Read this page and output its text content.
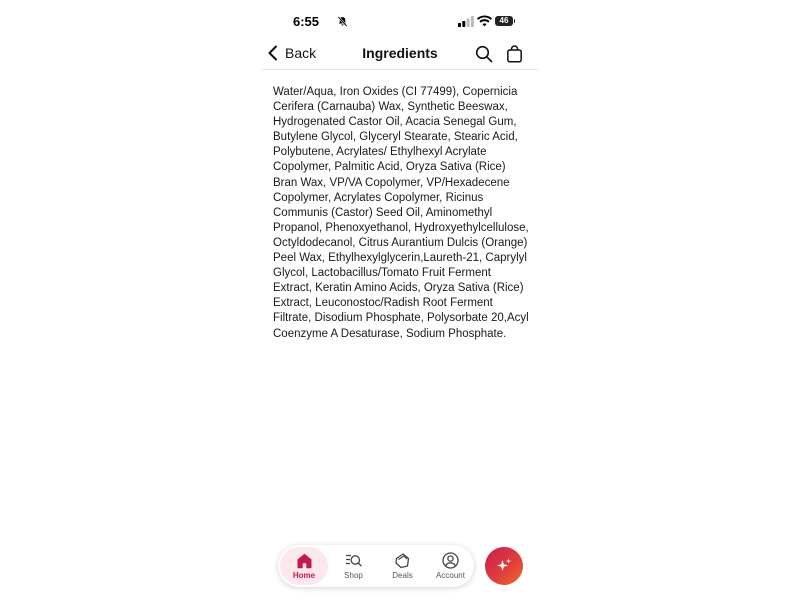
6:55	46
Back	Ingredients

Water/Aqua, Iron Oxides (CI 77499), Copernicia Cerifera (Carnauba) Wax, Synthetic Beeswax, Hydrogenated Castor Oil, Acacia Senegal Gum, Butylene Glycol, Glyceryl Stearate, Stearic Acid, Polybutene, Acrylates/ Ethylhexyl Acrylate Copolymer, Palmitic Acid, Oryza Sativa (Rice) Bran Wax, VP/VA Copolymer, VP/Hexadecene Copolymer, Acrylates Copolymer, Ricinus Communis (Castor) Seed Oil, Aminomethyl Propanol, Phenoxyethanol, Hydroxyethylcellulose, Octyldodecanol, Citrus Aurantium Dulcis (Orange) Peel Wax, Ethylhexylglycerin,Laureth-21, Caprylyl Glycol, Lactobacillus/Tomato Fruit Ferment Extract, Keratin Amino Acids, Oryza Sativa (Rice) Extract, Leuconostoc/Radish Root Ferment Filtrate, Disodium Phosphate, Polysorbate 20,Acyl Coenzyme A Desaturase, Sodium Phosphate.

Home	Shop	Deals	Account
